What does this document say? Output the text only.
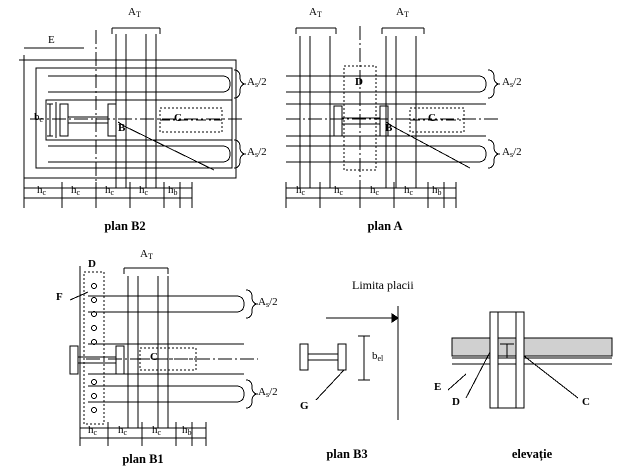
$A_T$
E
$b_c$	C
B
$A_s/2$
$A_s/2$
$h_c$ $h_c$ $h_c$ $h_c$ $h_b$
plan B2
$A_T$	$A_T$
D
C
B
$A_s/2$
$A_s/2$
$h_c$	$h_c$ $h_c$ $h_c$ $h_b$
plan A
$A_T$
D
F
C
$A_s/2$
$A_s/2$
$h_c$ $h_c$ $h_c$ $h_b$
plan B1
Limita placii
$b_{el}$
G
plan B3
E
D	C
elevație
